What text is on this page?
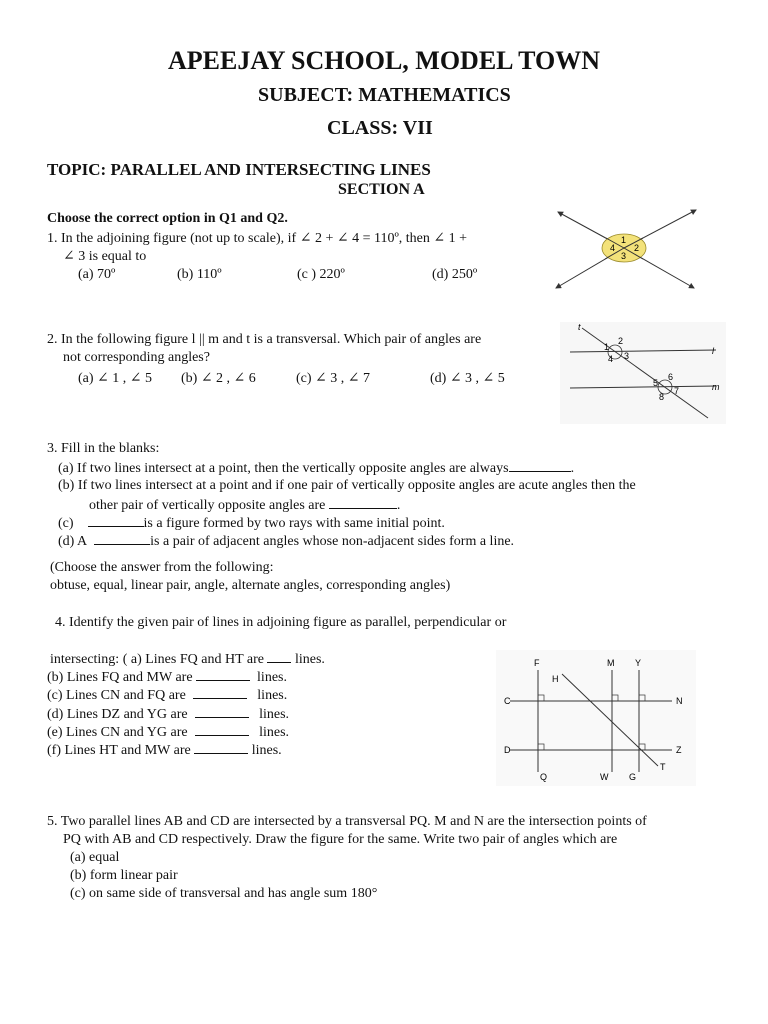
APEEJAY SCHOOL, MODEL TOWN
SUBJECT: MATHEMATICS
CLASS: VII
TOPIC: PARALLEL AND INTERSECTING LINES
SECTION A
Choose the correct option in Q1 and Q2.
1. In the adjoining figure (not up to scale), if ∠ 2 + ∠ 4 = 110º, then ∠ 1 +
∠ 3 is equal to
(a) 70º	(b) 110º	(c ) 220º	(d) 250º
1
2
3
4
2. In the following figure l || m and t is a transversal. Which pair of angles are
not corresponding angles?
(a) ∠ 1 , ∠ 5 (b) ∠ 2 , ∠ 6	(c) ∠ 3 , ∠ 7	(d) ∠ 3 , ∠ 5
t
l
m
1
2
3
4
5
6
7
8
3. Fill in the blanks:
(a) If two lines intersect at a point, then the vertically opposite angles are always	.
(b) If two lines intersect at a point and if one pair of vertically opposite angles are acute angles then the
other pair of vertically opposite angles are	.
(c)	is a figure formed by two rays with same initial point.
(d) A	is a pair of adjacent angles whose non-adjacent sides form a line.
(Choose the answer from the following:
obtuse, equal, linear pair, angle, alternate angles, corresponding angles)
4. Identify the given pair of lines in adjoining figure as parallel, perpendicular or
intersecting: ( a) Lines FQ and HT are lines.
(b) Lines FQ and MW are	lines.
(c) Lines CN and FQ are	lines.
(d) Lines DZ and YG are	lines.
(e) Lines CN and YG are	lines.
(f) Lines HT and MW are	lines.
F	M Y
H
C	N
D	Z
Q	W G
T
5. Two parallel lines AB and CD are intersected by a transversal PQ. M and N are the intersection points of
PQ with AB and CD respectively. Draw the figure for the same. Write two pair of angles which are
(a) equal
(b) form linear pair
(c) on same side of transversal and has angle sum 180°
